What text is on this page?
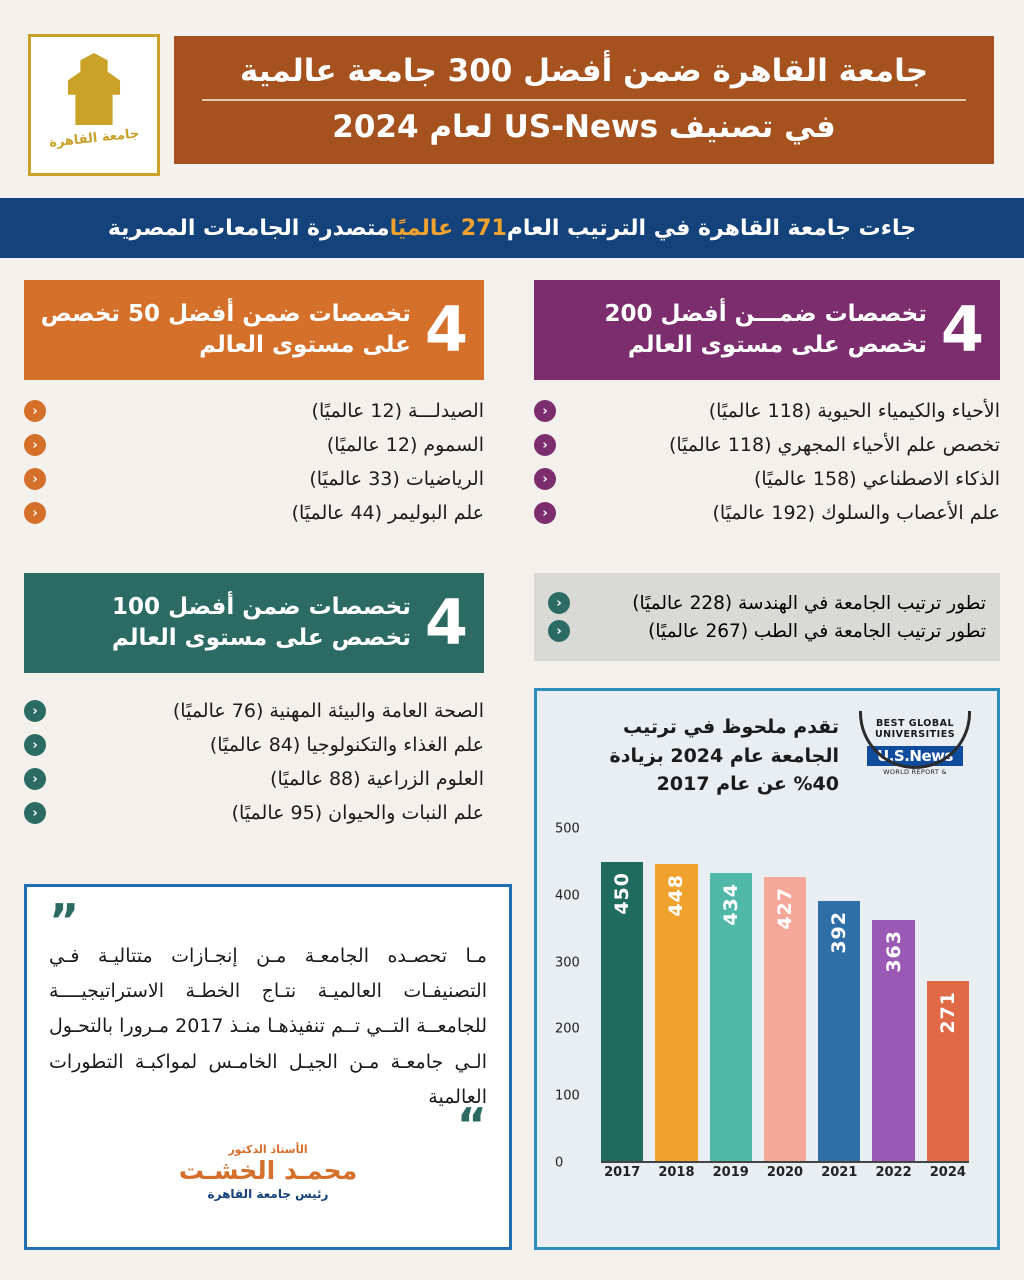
جامعة القاهرة ضمن أفضل 300 جامعة عالمية
في تصنيف US-News لعام 2024
جامعة القاهرة
جاءت جامعة القاهرة في الترتيب العام
271 عالميًا
متصدرة الجامعات المصرية
4
تخصصات ضمن أفضل 50 تخصص على مستوى العالم
الصيدلـــة (12 عالميًا)
‹
السموم (12 عالميًا)
‹
الرياضيات (33 عالميًا)
‹
علم البوليمر (44 عالميًا)
‹
4
تخصصات ضمـــن أفضل 200 تخصص على مستوى العالم
الأحياء والكيمياء الحيوية (118 عالميًا)
‹
تخصص علم الأحياء المجهري (118 عالميًا)
‹
الذكاء الاصطناعي (158 عالميًا)
‹
علم الأعصاب والسلوك (192 عالميًا)
‹
4
تخصصات ضمن أفضل 100 تخصص على مستوى العالم
الصحة العامة والبيئة المهنية (76 عالميًا)
‹
علم الغذاء والتكنولوجيا (84 عالميًا)
‹
العلوم الزراعية (88 عالميًا)
‹
علم النبات والحيوان (95 عالميًا)
‹
تطور ترتيب الجامعة في الهندسة (228 عالميًا)
‹
تطور ترتيب الجامعة في الطب (267 عالميًا)
‹
BEST GLOBAL UNIVERSITIES
U.S.News
& WORLD REPORT
تقدم ملحوظ في ترتيب الجامعة عام 2024 بزيادة 40% عن عام 2017
0
100
200
300
400
500
450 448 434 427
392 363
271
2017 2018 2019 2020 2021 2022 2024
”
مـا تحصـده الجامعـة مـن إنجـازات متتاليـة فـي التصنيفـات العالميـة نتـاج الخطـة الاستراتيجيــــة للجامعــة التــي تــم تنفيذهـا منـذ 2017 مـرورا بالتحـول الـي جامعـة مـن الجيـل الخامـس لمواكبـة التطورات العالمية
“
الأستاذ الدكتور
محمـد الخشـت
رئيس جامعة القاهرة
